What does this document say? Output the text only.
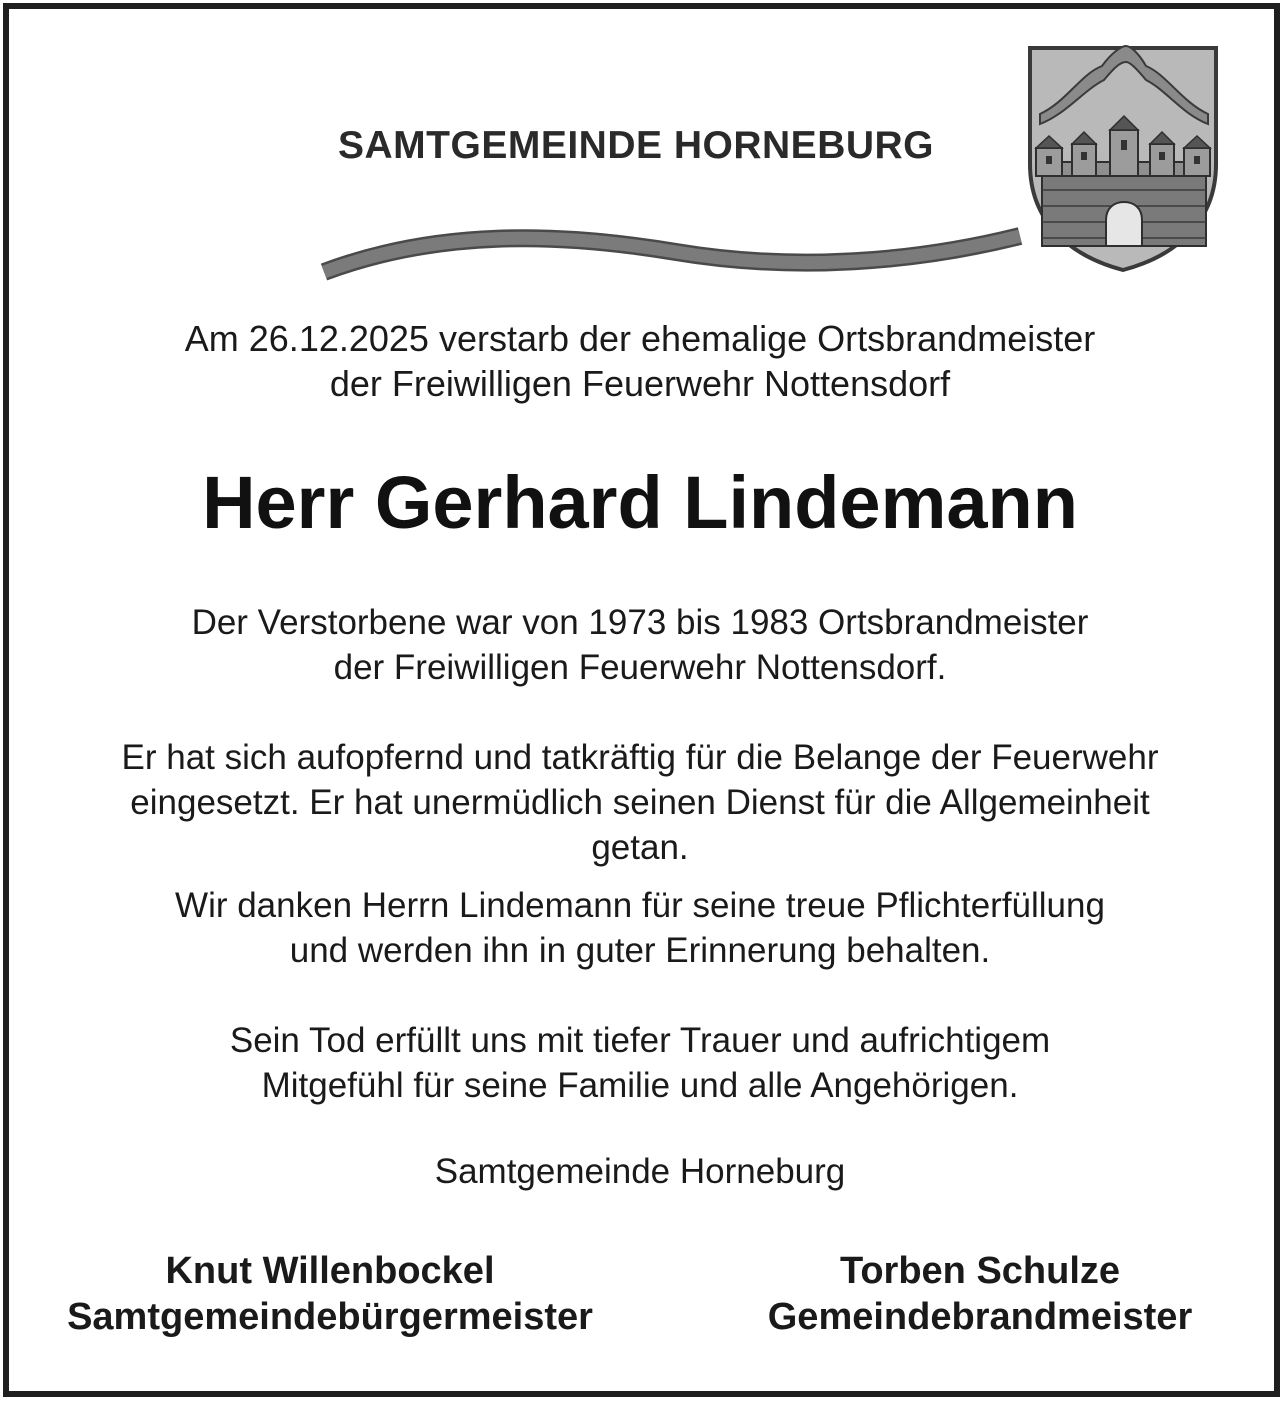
SAMTGEMEINDE HORNEBURG
Am 26.12.2025 verstarb der ehemalige Ortsbrandmeister
der Freiwilligen Feuerwehr Nottensdorf
Herr Gerhard Lindemann
Der Verstorbene war von 1973 bis 1983 Ortsbrandmeister
der Freiwilligen Feuerwehr Nottensdorf.
Er hat sich aufopfernd und tatkräftig für die Belange der Feuerwehr
eingesetzt. Er hat unermüdlich seinen Dienst für die Allgemeinheit
getan.
Wir danken Herrn Lindemann für seine treue Pflichterfüllung
und werden ihn in guter Erinnerung behalten.
Sein Tod erfüllt uns mit tiefer Trauer und aufrichtigem
Mitgefühl für seine Familie und alle Angehörigen.
Samtgemeinde Horneburg
Knut Willenbockel
Samtgemeindebürgermeister
Torben Schulze
Gemeindebrandmeister
